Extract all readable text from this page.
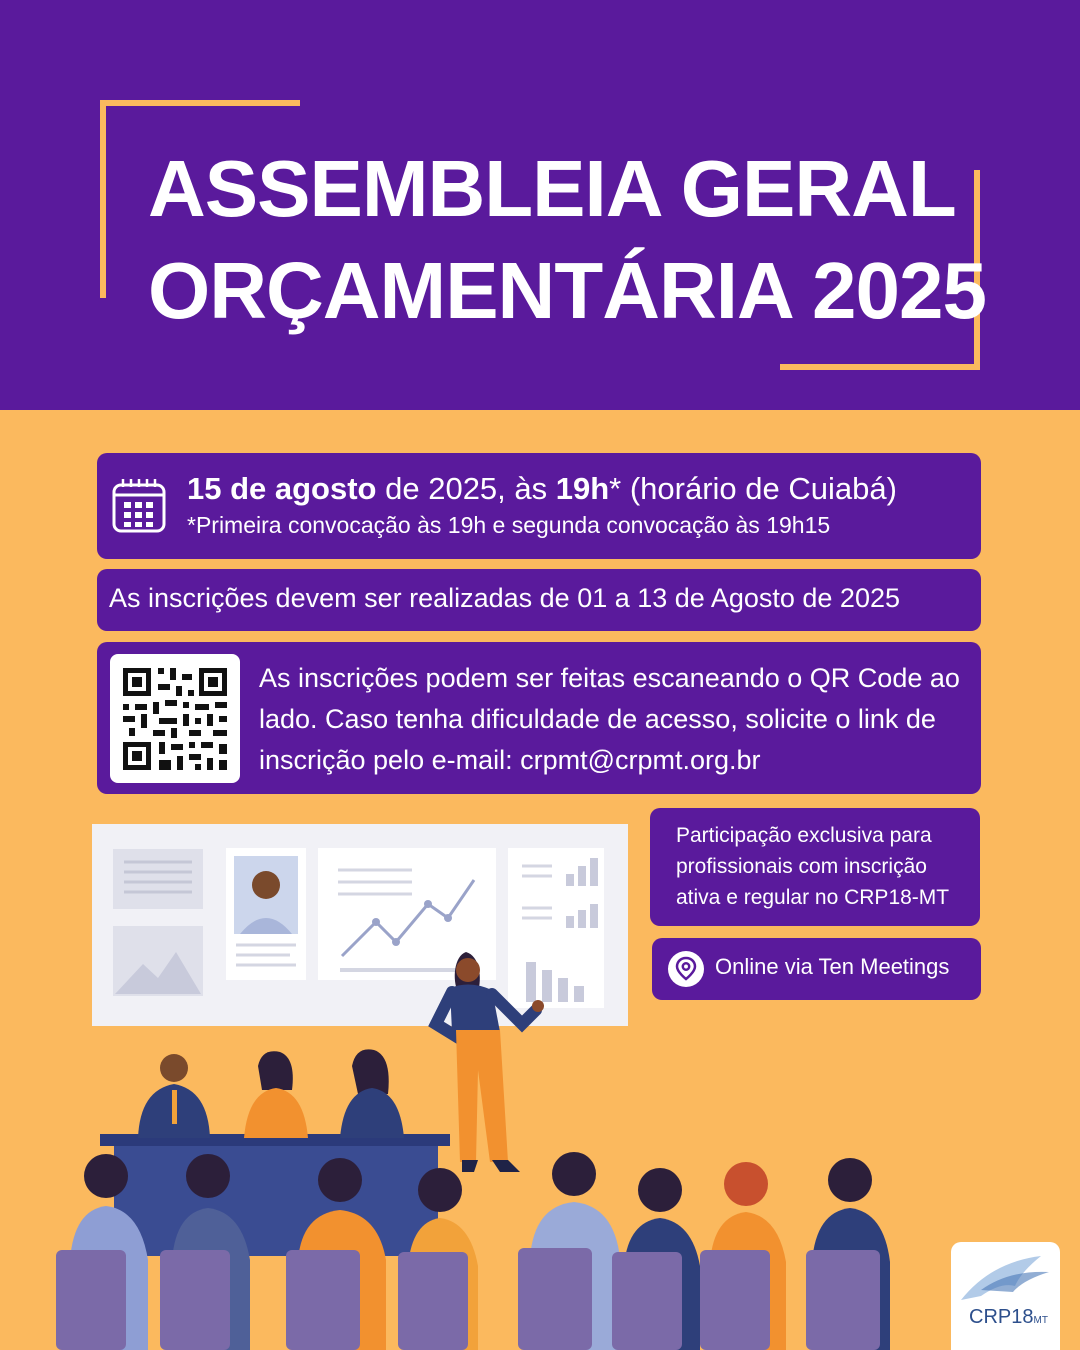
ASSEMBLEIA GERAL
ORÇAMENTÁRIA 2025
15 de agosto de 2025, às 19h* (horário de Cuiabá)
*Primeira convocação às 19h e segunda convocação às 19h15
As inscrições devem ser realizadas de 01 a 13 de Agosto de 2025
As inscrições podem ser feitas escaneando o QR Code ao lado. Caso tenha dificuldade de acesso, solicite o link de inscrição pelo e-mail: crpmt@crpmt.org.br
Participação exclusiva para profissionais com inscrição ativa e regular no CRP18-MT
Online via Ten Meetings
CRP18MT
